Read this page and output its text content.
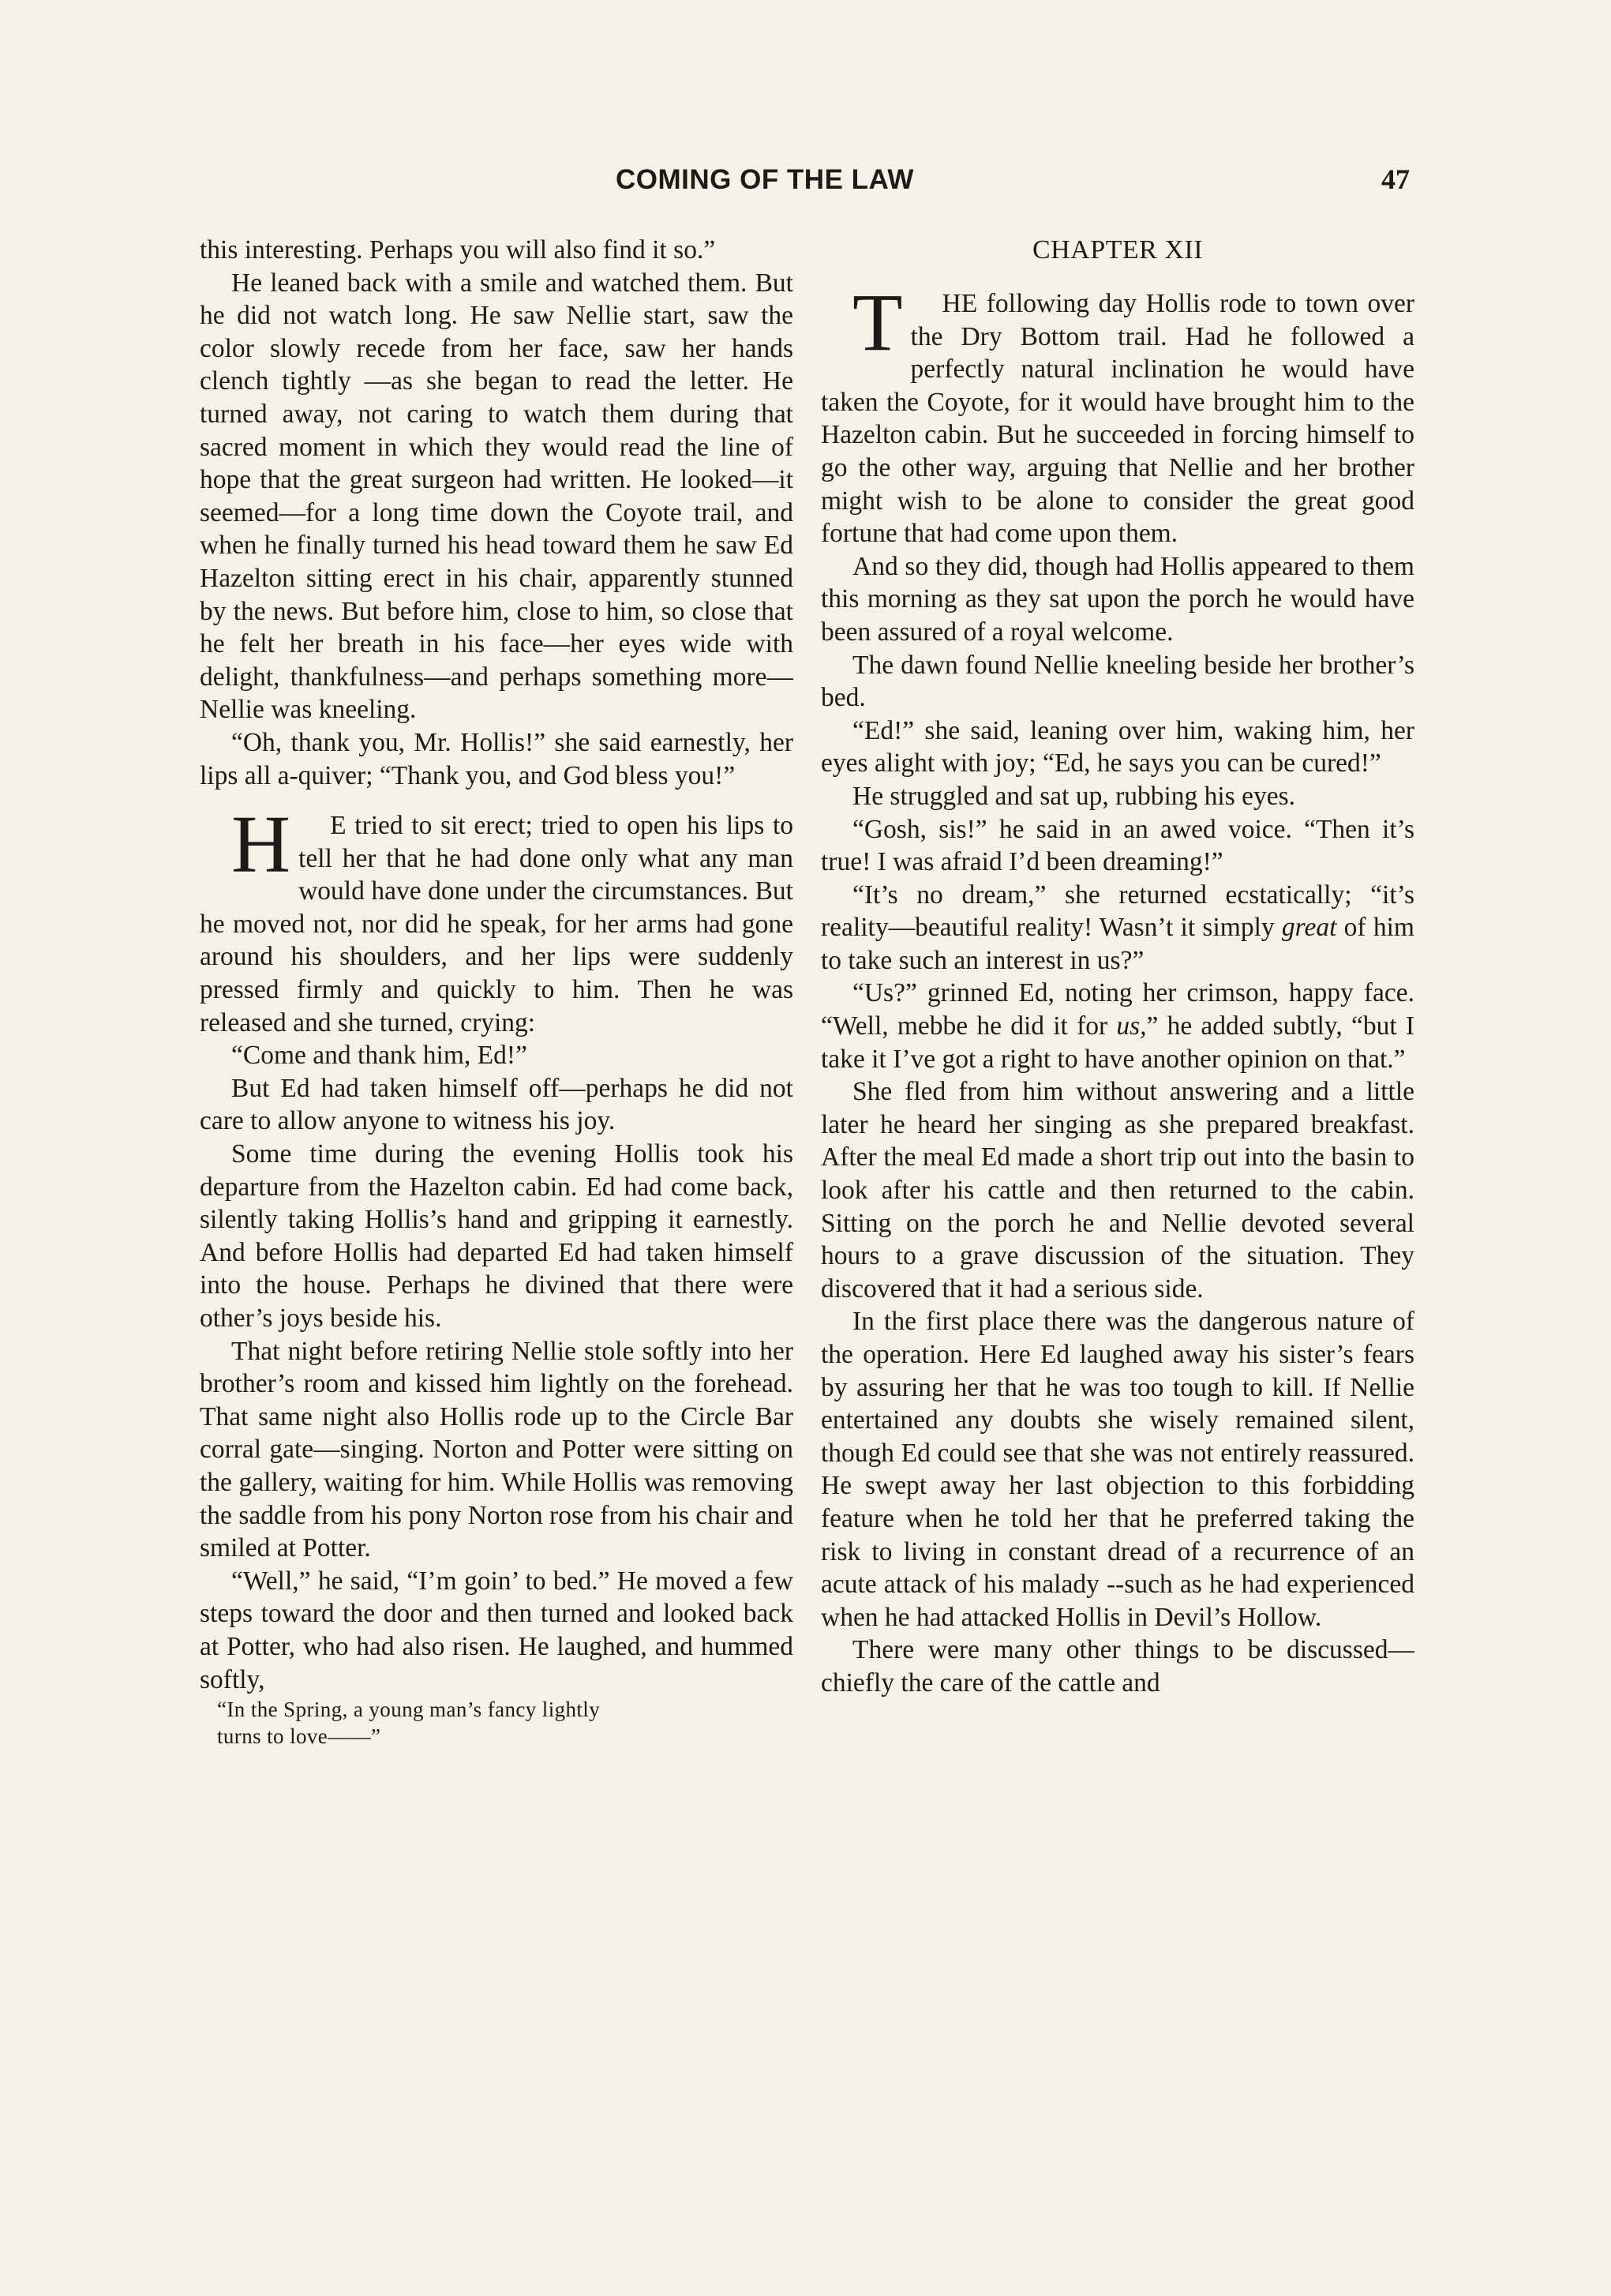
COMING OF THE LAW	47

this interesting. Perhaps you will also find it so.”

He leaned back with a smile and watched them. But he did not watch long. He saw Nellie start, saw the color slowly recede from her face, saw her hands clench tightly —as she began to read the letter. He turned away, not caring to watch them during that sacred moment in which they would read the line of hope that the great surgeon had written. He looked—it seemed—for a long time down the Coyote trail, and when he finally turned his head toward them he saw Ed Hazelton sitting erect in his chair, apparently stunned by the news. But before him, close to him, so close that he felt her breath in his face—her eyes wide with delight, thankfulness—and perhaps something more—Nellie was kneeling.

“Oh, thank you, Mr. Hollis!” she said earnestly, her lips all a-quiver; “Thank you, and God bless you!”

H E tried to sit erect; tried to open his lips to tell her that he had done only what any man would have done under the circumstances. But he moved not, nor did he speak, for her arms had gone around his shoulders, and her lips were suddenly pressed firmly and quickly to him. Then he was released and she turned, crying:

“Come and thank him, Ed!”

But Ed had taken himself off—perhaps he did not care to allow anyone to witness his joy.

Some time during the evening Hollis took his departure from the Hazelton cabin. Ed had come back, silently taking Hollis’s hand and gripping it earnestly. And before Hollis had departed Ed had taken himself into the house. Perhaps he divined that there were other’s joys beside his.

That night before retiring Nellie stole softly into her brother’s room and kissed him lightly on the forehead. That same night also Hollis rode up to the Circle Bar corral gate—singing. Norton and Potter were sitting on the gallery, waiting for him. While Hollis was removing the saddle from his pony Norton rose from his chair and smiled at Potter.

“Well,” he said, “I’m goin’ to bed.” He moved a few steps toward the door and then turned and looked back at Potter, who had also risen. He laughed, and hummed softly,

“In the Spring, a young man’s fancy lightly
turns to love——”
CHAPTER XII

T HE following day Hollis rode to town over the Dry Bottom trail. Had he followed a perfectly natural inclination he would have taken the Coyote, for it would have brought him to the Hazelton cabin. But he succeeded in forcing himself to go the other way, arguing that Nellie and her brother might wish to be alone to consider the great good fortune that had come upon them.

And so they did, though had Hollis appeared to them this morning as they sat upon the porch he would have been assured of a royal welcome.

The dawn found Nellie kneeling beside her brother’s bed.

“Ed!” she said, leaning over him, waking him, her eyes alight with joy; “Ed, he says you can be cured!”

He struggled and sat up, rubbing his eyes.

“Gosh, sis!” he said in an awed voice. “Then it’s true! I was afraid I’d been dreaming!”

“It’s no dream,” she returned ecstatically; “it’s reality—beautiful reality! Wasn’t it simply great of him to take such an interest in us?”

“Us?” grinned Ed, noting her crimson, happy face. “Well, mebbe he did it for us,” he added subtly, “but I take it I’ve got a right to have another opinion on that.”

She fled from him without answering and a little later he heard her singing as she prepared breakfast. After the meal Ed made a short trip out into the basin to look after his cattle and then returned to the cabin. Sitting on the porch he and Nellie devoted several hours to a grave discussion of the situation. They discovered that it had a serious side.

In the first place there was the dangerous nature of the operation. Here Ed laughed away his sister’s fears by assuring her that he was too tough to kill. If Nellie entertained any doubts she wisely remained silent, though Ed could see that she was not entirely reassured. He swept away her last objection to this forbidding feature when he told her that he preferred taking the risk to living in constant dread of a recurrence of an acute attack of his malady --such as he had experienced when he had attacked Hollis in Devil’s Hollow.

There were many other things to be discussed—chiefly the care of the cattle and
